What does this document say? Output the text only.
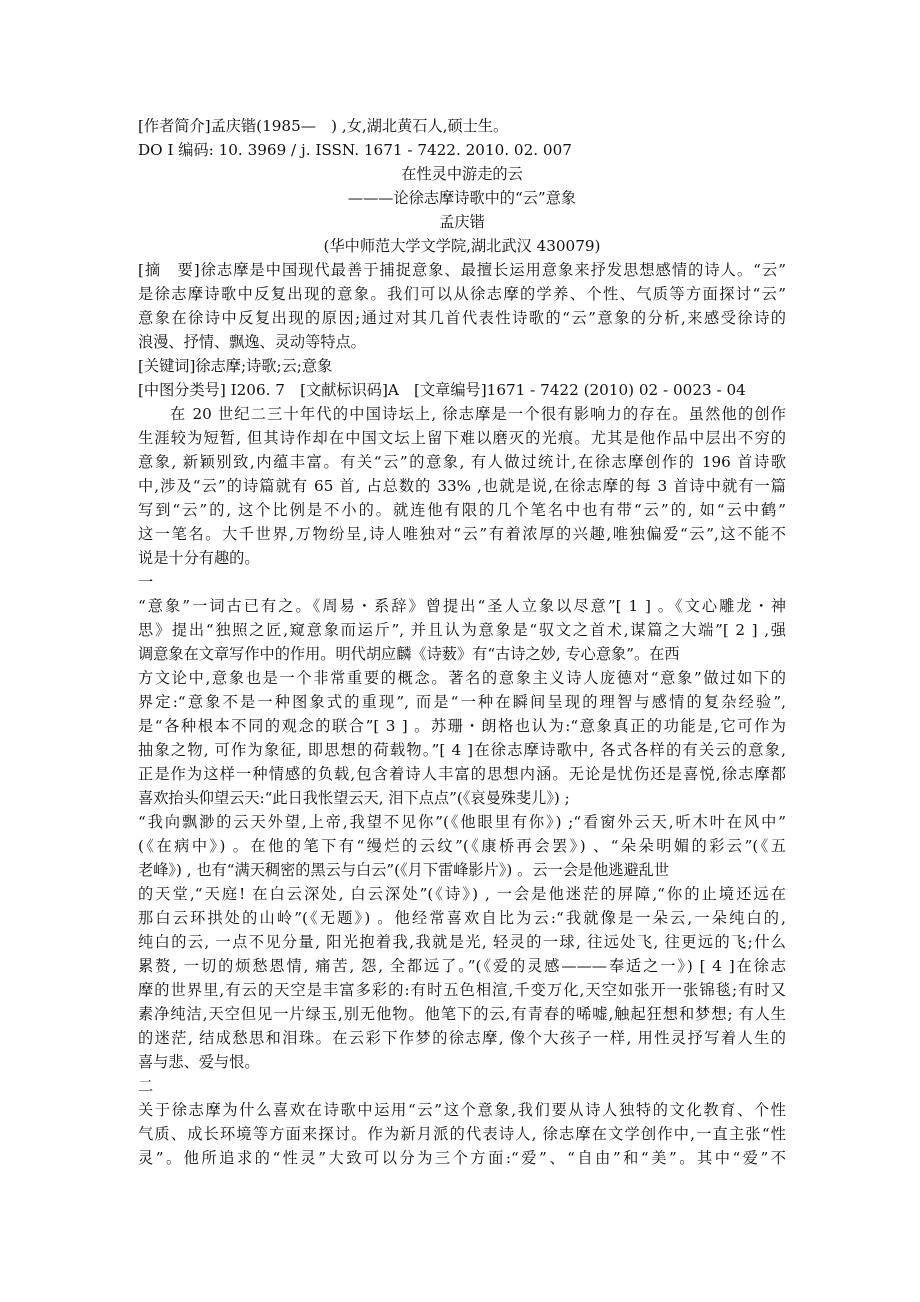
[作者简介]孟庆锴(1985—　) ,女,湖北黄石人,硕士生。
DO I 编码: 10. 3969 / j. ISSN. 1671 - 7422. 2010. 02. 007
在性灵中游走的云
———论徐志摩诗歌中的“云”意象
孟庆锴
(华中师范大学文学院,湖北武汉 430079)
[摘　要]徐志摩是中国现代最善于捕捉意象、最擅长运用意象来抒发思想感情的诗人。“云”
是徐志摩诗歌中反复出现的意象。我们可以从徐志摩的学养、个性、气质等方面探讨“云”
意象在徐诗中反复出现的原因;通过对其几首代表性诗歌的“云”意象的分析,来感受徐诗的
浪漫、抒情、飘逸、灵动等特点。
[关键词]徐志摩;诗歌;云;意象
[中图分类号] I206. 7　[文献标识码]A　[文章编号]1671 - 7422 (2010) 02 - 0023 - 04
在 20 世纪二三十年代的中国诗坛上, 徐志摩是一个很有影响力的存在。虽然他的创作
生涯较为短暂, 但其诗作却在中国文坛上留下难以磨灭的光痕。尤其是他作品中层出不穷的
意象, 新颖别致,内蕴丰富。有关“云”的意象, 有人做过统计,在徐志摩创作的 196 首诗歌
中,涉及“云”的诗篇就有 65 首, 占总数的 33% ,也就是说,在徐志摩的每 3 首诗中就有一篇
写到“云”的, 这个比例是不小的。就连他有限的几个笔名中也有带“云”的, 如“云中鹤”
这一笔名。大千世界,万物纷呈,诗人唯独对“云”有着浓厚的兴趣,唯独偏爱“云”,这不能不
说是十分有趣的。
一
“意象”一词古已有之。《周易・系辞》曾提出“圣人立象以尽意”[ 1 ] 。《文心雕龙・神
思》提出“独照之匠,窥意象而运斤”, 并且认为意象是“驭文之首术,谋篇之大端”[ 2 ] ,强
调意象在文章写作中的作用。明代胡应麟《诗薮》有“古诗之妙, 专心意象”。在西
方文论中,意象也是一个非常重要的概念。著名的意象主义诗人庞德对“意象”做过如下的
界定:“意象不是一种图象式的重现”, 而是“一种在瞬间呈现的理智与感情的复杂经验”,
是“各种根本不同的观念的联合”[ 3 ] 。苏珊・朗格也认为:“意象真正的功能是,它可作为
抽象之物, 可作为象征, 即思想的荷载物。”[ 4 ]在徐志摩诗歌中, 各式各样的有关云的意象,
正是作为这样一种情感的负载,包含着诗人丰富的思想内涵。无论是忧伤还是喜悦,徐志摩都
喜欢抬头仰望云天:“此日我怅望云天, 泪下点点”(《哀曼殊斐儿》) ;
“我向飘渺的云天外望,上帝,我望不见你”(《他眼里有你》) ;“看窗外云天,听木叶在风中”
(《在病中》) 。在他的笔下有“缦烂的云纹”(《康桥再会罢》) 、“朵朵明媚的彩云”(《五
老峰》) , 也有“满天稠密的黑云与白云”(《月下雷峰影片》) 。云一会是他逃避乱世
的天堂,“天庭! 在白云深处, 白云深处”(《诗》) , 一会是他迷茫的屏障,“你的止境还远在
那白云环拱处的山岭”(《无题》) 。他经常喜欢自比为云:“我就像是一朵云,一朵纯白的,
纯白的云, 一点不见分量, 阳光抱着我,我就是光, 轻灵的一球, 往远处飞, 往更远的飞;什么
累赘, 一切的烦愁恩情, 痛苦, 怨, 全都远了。”(《爱的灵感———奉适之一》) [ 4 ]在徐志
摩的世界里,有云的天空是丰富多彩的:有时五色相渲,千变万化,天空如张开一张锦毯;有时又
素净纯洁,天空但见一片绿玉,别无他物。他笔下的云,有青春的唏嘘,触起狂想和梦想; 有人生
的迷茫, 结成愁思和泪珠。在云彩下作梦的徐志摩, 像个大孩子一样, 用性灵抒写着人生的
喜与悲、爱与恨。
二
关于徐志摩为什么喜欢在诗歌中运用“云”这个意象,我们要从诗人独特的文化教育、个性
气质、成长环境等方面来探讨。作为新月派的代表诗人, 徐志摩在文学创作中,一直主张“性
灵”。他所追求的“性灵”大致可以分为三个方面:“爱”、“自由”和“美”。其中“爱”不
